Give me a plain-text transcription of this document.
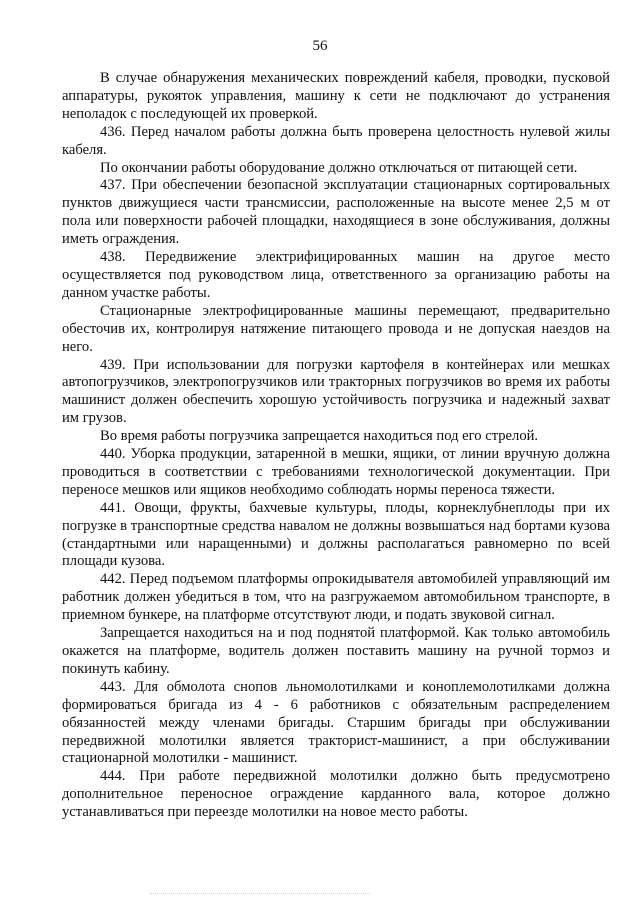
56

В случае обнаружения механических повреждений кабеля, проводки, пусковой аппаратуры, рукояток управления, машину к сети не подключают до устранения неполадок с последующей их проверкой.

436. Перед началом работы должна быть проверена целостность нулевой жилы кабеля.

По окончании работы оборудование должно отключаться от питающей сети.

437. При обеспечении безопасной эксплуатации стационарных сортировальных пунктов движущиеся части трансмиссии, расположенные на высоте менее 2,5 м от пола или поверхности рабочей площадки, находящиеся в зоне обслуживания, должны иметь ограждения.

438. Передвижение электрифицированных машин на другое место осуществляется под руководством лица, ответственного за организацию работы на данном участке работы.

Стационарные электрофицированные машины перемещают, предварительно обесточив их, контролируя натяжение питающего провода и не допуская наездов на него.

439. При использовании для погрузки картофеля в контейнерах или мешках автопогрузчиков, электропогрузчиков или тракторных погрузчиков во время их работы машинист должен обеспечить хорошую устойчивость погрузчика и надежный захват им грузов.

Во время работы погрузчика запрещается находиться под его стрелой.

440. Уборка продукции, затаренной в мешки, ящики, от линии вручную должна проводиться в соответствии с требованиями технологической документации. При переносе мешков или ящиков необходимо соблюдать нормы переноса тяжести.

441. Овощи, фрукты, бахчевые культуры, плоды, корнеклубнеплоды при их погрузке в транспортные средства навалом не должны возвышаться над бортами кузова (стандартными или наращенными) и должны располагаться равномерно по всей площади кузова.

442. Перед подъемом платформы опрокидывателя автомобилей управляющий им работник должен убедиться в том, что на разгружаемом автомобильном транспорте, в приемном бункере, на платформе отсутствуют люди, и подать звуковой сигнал.

Запрещается находиться на и под поднятой платформой. Как только автомобиль окажется на платформе, водитель должен поставить машину на ручной тормоз и покинуть кабину.

443. Для обмолота снопов льномолотилками и коноплемолотилками должна формироваться бригада из 4 - 6 работников с обязательным распределением обязанностей между членами бригады. Старшим бригады при обслуживании передвижной молотилки является тракторист-машинист, а при обслуживании стационарной молотилки - машинист.

444. При работе передвижной молотилки должно быть предусмотрено дополнительное переносное ограждение карданного вала, которое должно устанавливаться при переезде молотилки на новое место работы.
